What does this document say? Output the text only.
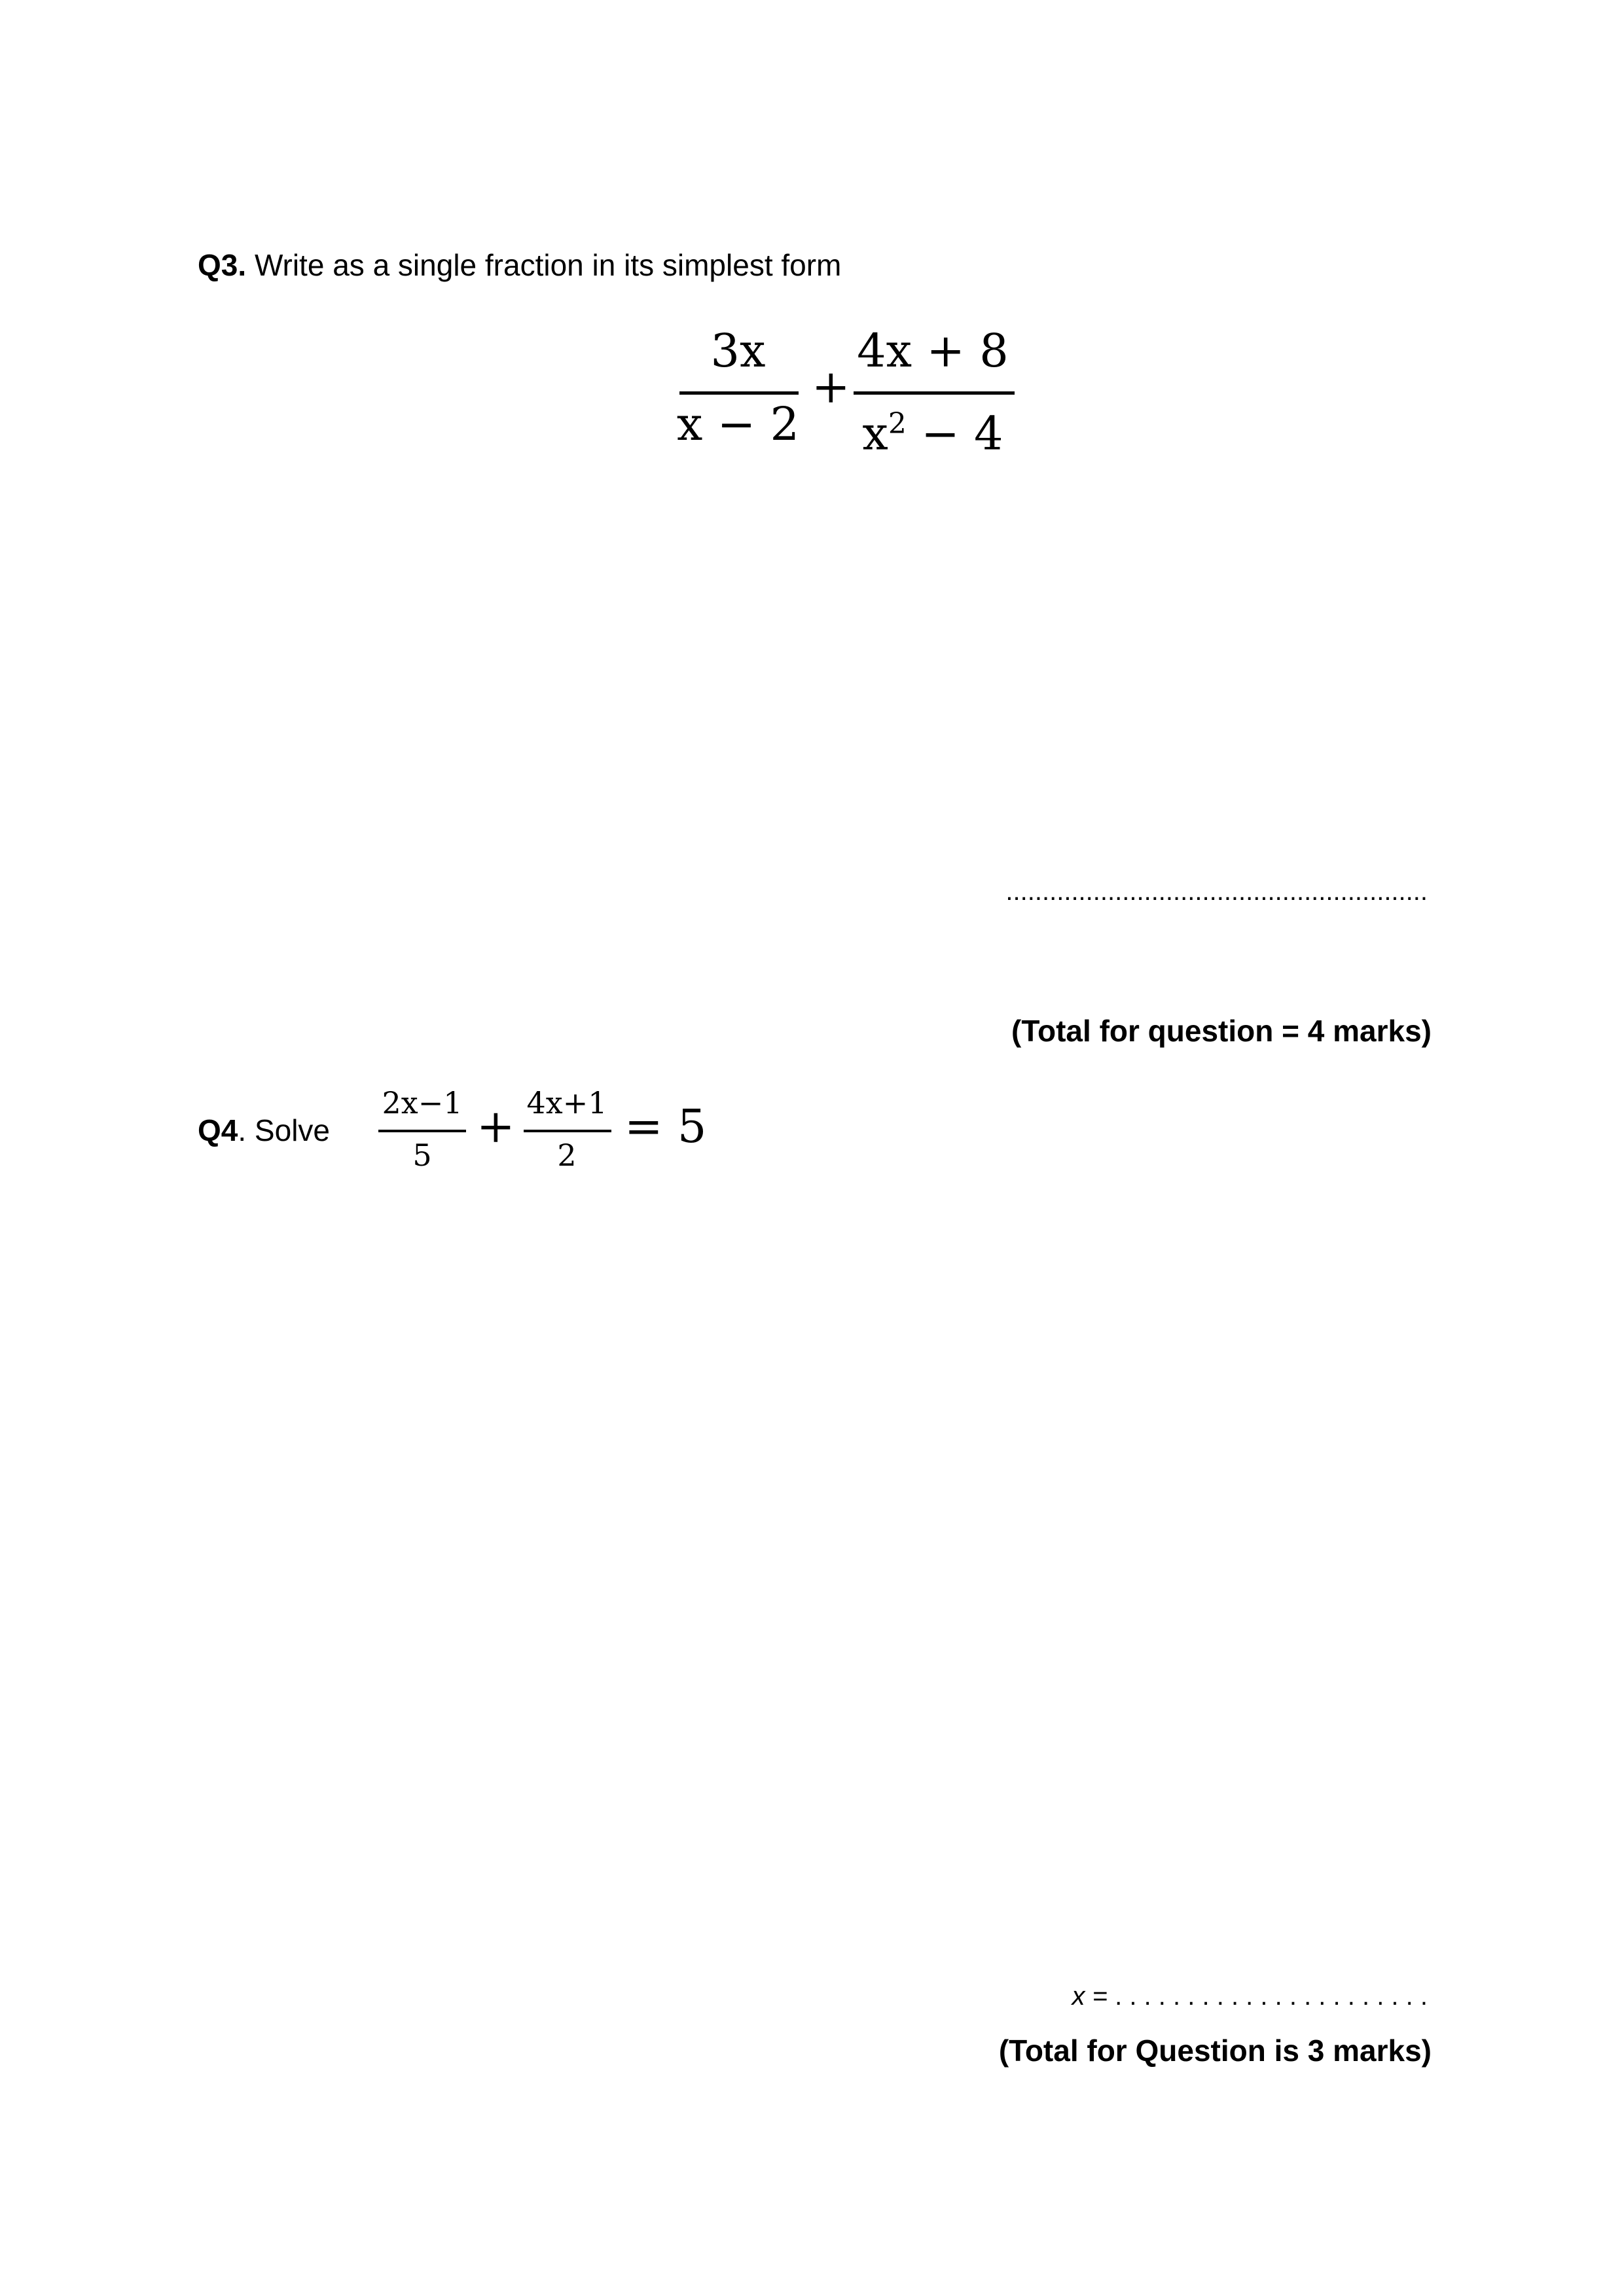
Q3. Write as a single fraction in its simplest form
3x
x − 2
+
4x + 8
$x^2 - 4$
..........................................................
(Total for question = 4 marks)
Q4. Solve
2x−1
5
+ 4x+1
2
= 5
x = . . . . . . . . . . . . . . . . . . . . . .
(Total for Question is 3 marks)
